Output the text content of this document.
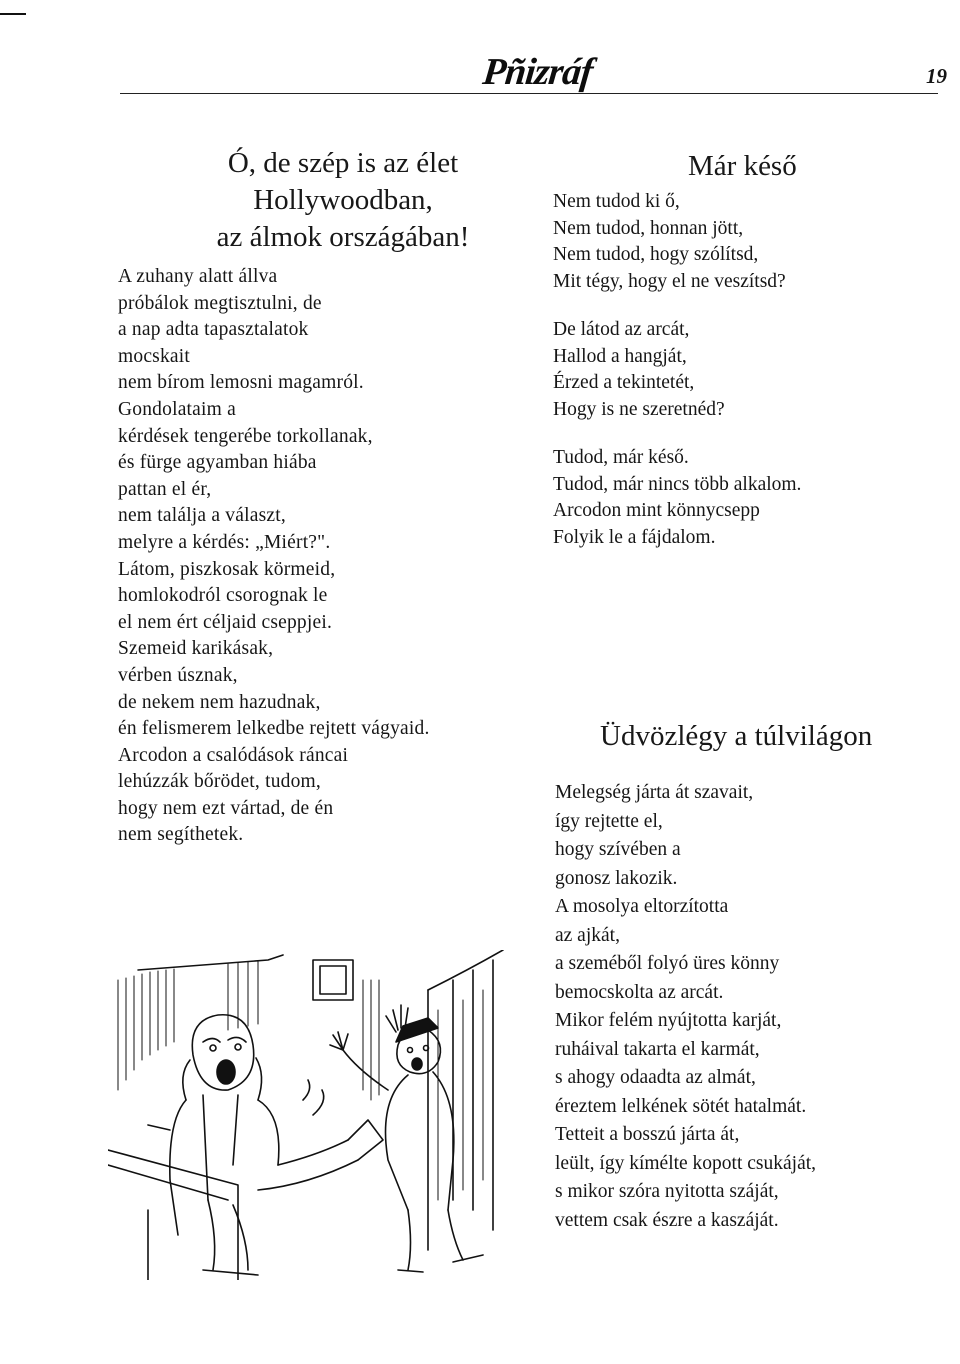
Pñizráf	19
Ó, de szép is az élet
Hollywoodban,
az álmok országában!
A zuhany alatt állva
próbálok megtisztulni, de
a nap adta tapasztalatok
mocskait
nem bírom lemosni magamról.
Gondolataim a
kérdések tengerébe torkollanak,
és fürge agyamban hiába
pattan el ér,
nem találja a választ,
melyre a kérdés: „Miért?".
Látom, piszkosak körmeid,
homlokodról csorognak le
el nem ért céljaid cseppjei.
Szemeid karikásak,
vérben úsznak,
de nekem nem hazudnak,
én felismerem lelkedbe rejtett vágyaid.
Arcodon a csalódások ráncai
lehúzzák bőrödet, tudom,
hogy nem ezt vártad, de én
nem segíthetek.
Már késő
Nem tudod ki ő,
Nem tudod, honnan jött,
Nem tudod, hogy szólítsd,
Mit tégy, hogy el ne veszítsd?
De látod az arcát,
Hallod a hangját,
Érzed a tekintetét,
Hogy is ne szeretnéd?
Tudod, már késő.
Tudod, már nincs több alkalom.
Arcodon mint könnycsepp
Folyik le a fájdalom.
Üdvözlégy a túlvilágon
Melegség járta át szavait,
így rejtette el,
hogy szívében a
gonosz lakozik.
A mosolya eltorzította
az ajkát,
a szeméből folyó üres könny
bemocskolta az arcát.
Mikor felém nyújtotta karját,
ruháival takarta el karmát,
s ahogy odaadta az almát,
éreztem lelkének sötét hatalmát.
Tetteit a bosszú járta át,
leült, így kímélte kopott csukáját,
s mikor szóra nyitotta száját,
vettem csak észre a kaszáját.
